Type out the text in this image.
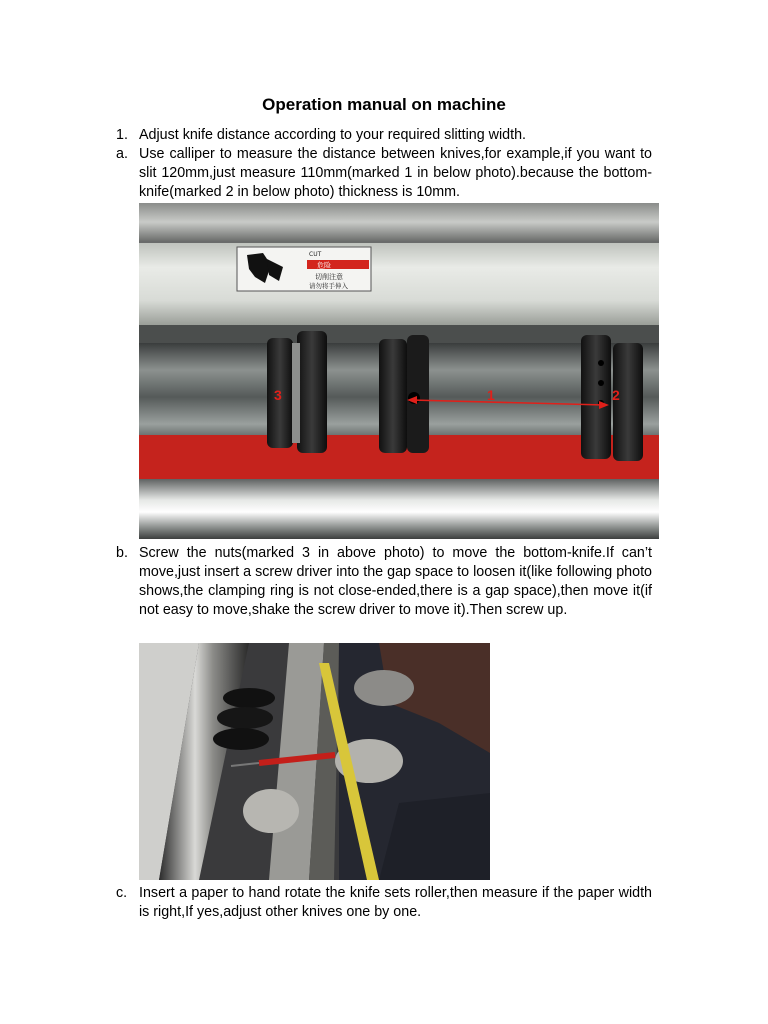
Operation manual on machine
1. Adjust knife distance according to your required slitting width.
a. Use calliper to measure the distance between knives,for example,if you want to slit 120mm,just measure 110mm(marked 1 in below photo).because the bottom-knife(marked 2 in below photo) thickness is 10mm.
CUT
危险
切削注意
请勿将手伸入
1	2
3
b. Screw the nuts(marked 3 in above photo) to move the bottom-knife.If can’t move,just insert a screw driver into the gap space to loosen it(like following photo shows,the clamping ring is not close-ended,there is a gap space),then move it(if not easy to move,shake the screw driver to move it).Then screw up.
c. Insert a paper to hand rotate the knife sets roller,then measure if the paper width is right,If yes,adjust other knives one by one.
